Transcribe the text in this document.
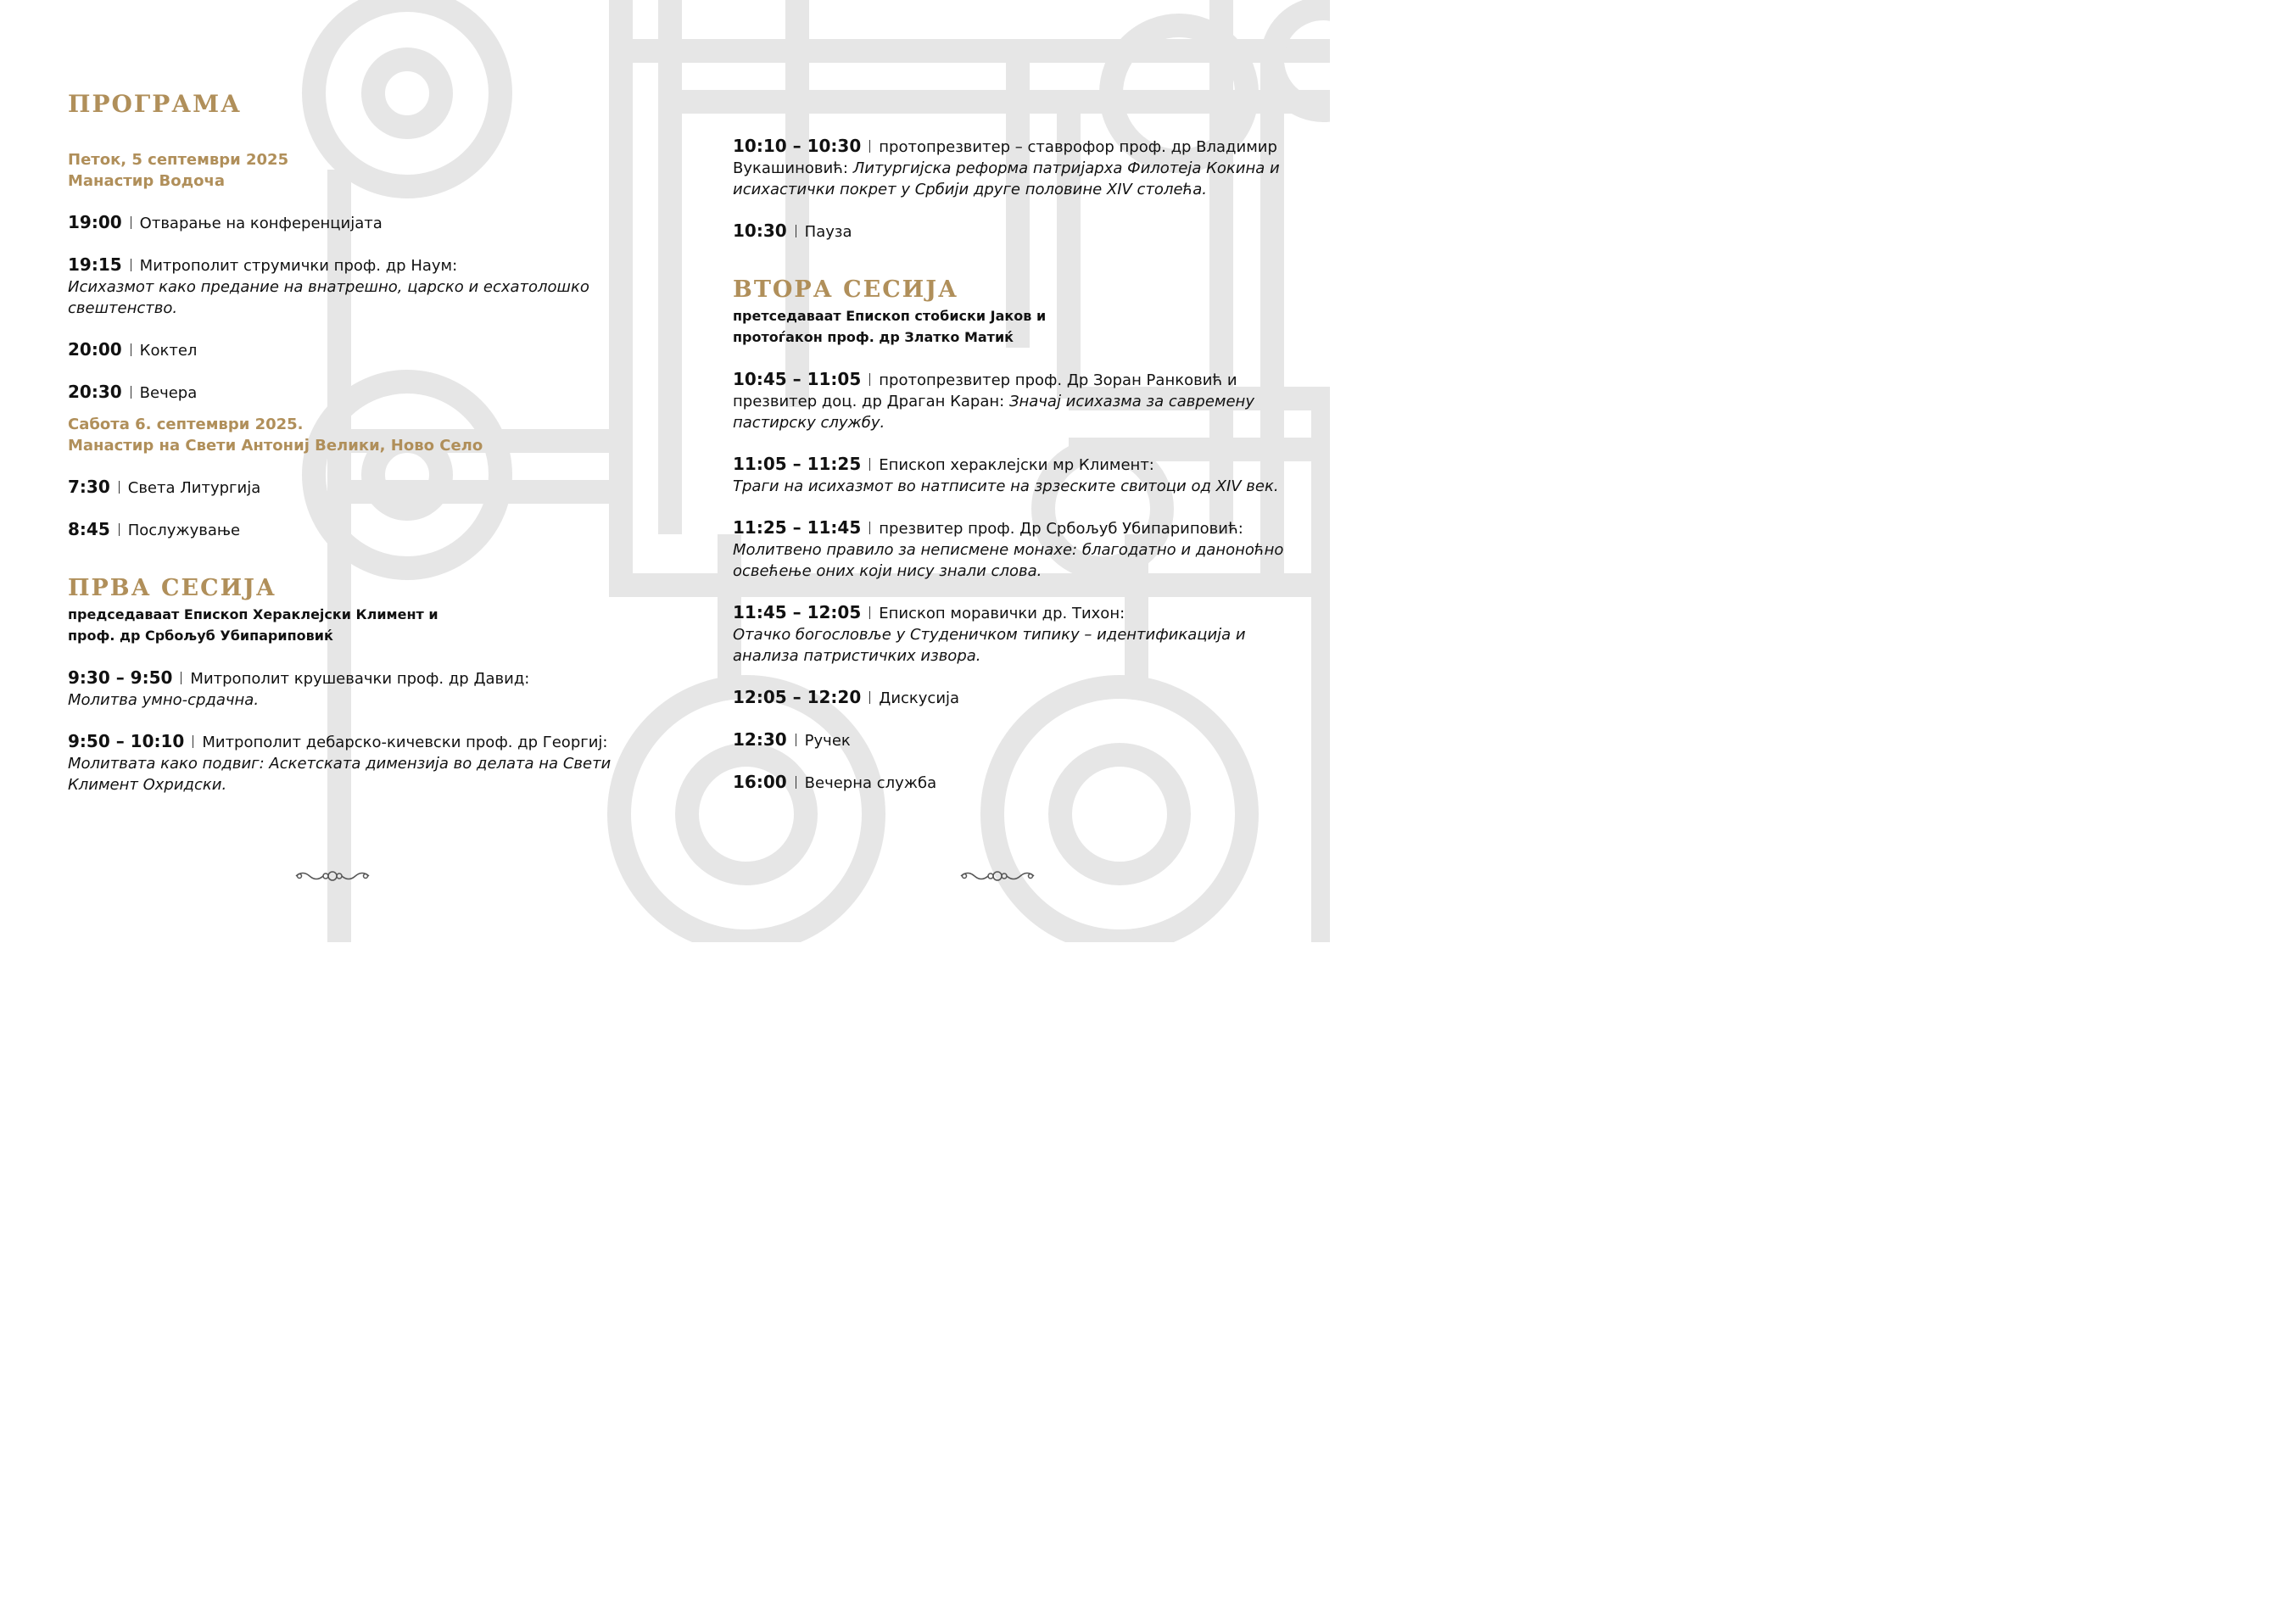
ПРОГРАМА
Петок, 5 септември 2025
Манастир Водоча
19:00 Отварање на конференцијата
19:15 Митрополит струмички проф. др Наум:
Исихазмот како предание на внатрешно, царско и есхатолошко свештенство.
20:00 Коктел
20:30 Вечера
Сабота 6. септември 2025.
Манастир на Свети Антониј Велики, Ново Село
7:30 Света Литургија
8:45 Послужување
ПРВА СЕСИЈА
председаваат Епископ Хераклејски Климент и
проф. др Србољуб Убипариповиќ
9:30 – 9:50 Митрополит крушевачки проф. др Давид:
Молитва умно-срдачна.
9:50 – 10:10 Митрополит дебарско-кичевски проф. др Георгиј:
Молитвата како подвиг: Аскетската димензија во делата на Свети Климент Охридски.
10:10 – 10:30 протопрезвитер – ставрофор проф. др Владимир Вукашиновић: Литургијска реформа патријарха Филотеја Кокина и исихастички покрет у Србији друге половине XIV столећа.
10:30 Пауза
ВТОРА СЕСИЈА
претседаваат Епископ стобиски Јаков и
протоѓакон проф. др Златко Матиќ
10:45 – 11:05 протопрезвитер проф. Др Зоран Ранковић и презвитер доц. др Драган Каран: Значај исихазма за савремену пастирску службу.
11:05 – 11:25 Епископ хераклејски мр Климент:
Траги на исихазмот во натписите на зрзеските свитоци од XIV век.
11:25 – 11:45 презвитер проф. Др Србољуб Убипариповић:
Молитвено правило за неписмене монахе: благодатно и даноноћно освећење оних који нису знали слова.
11:45 – 12:05 Епископ моравички др. Тихон:
Отачко богословље у Студеничком типику – идентификација и анализа патристичких извора.
12:05 – 12:20 Дискусија
12:30 Ручек
16:00 Вечерна служба
